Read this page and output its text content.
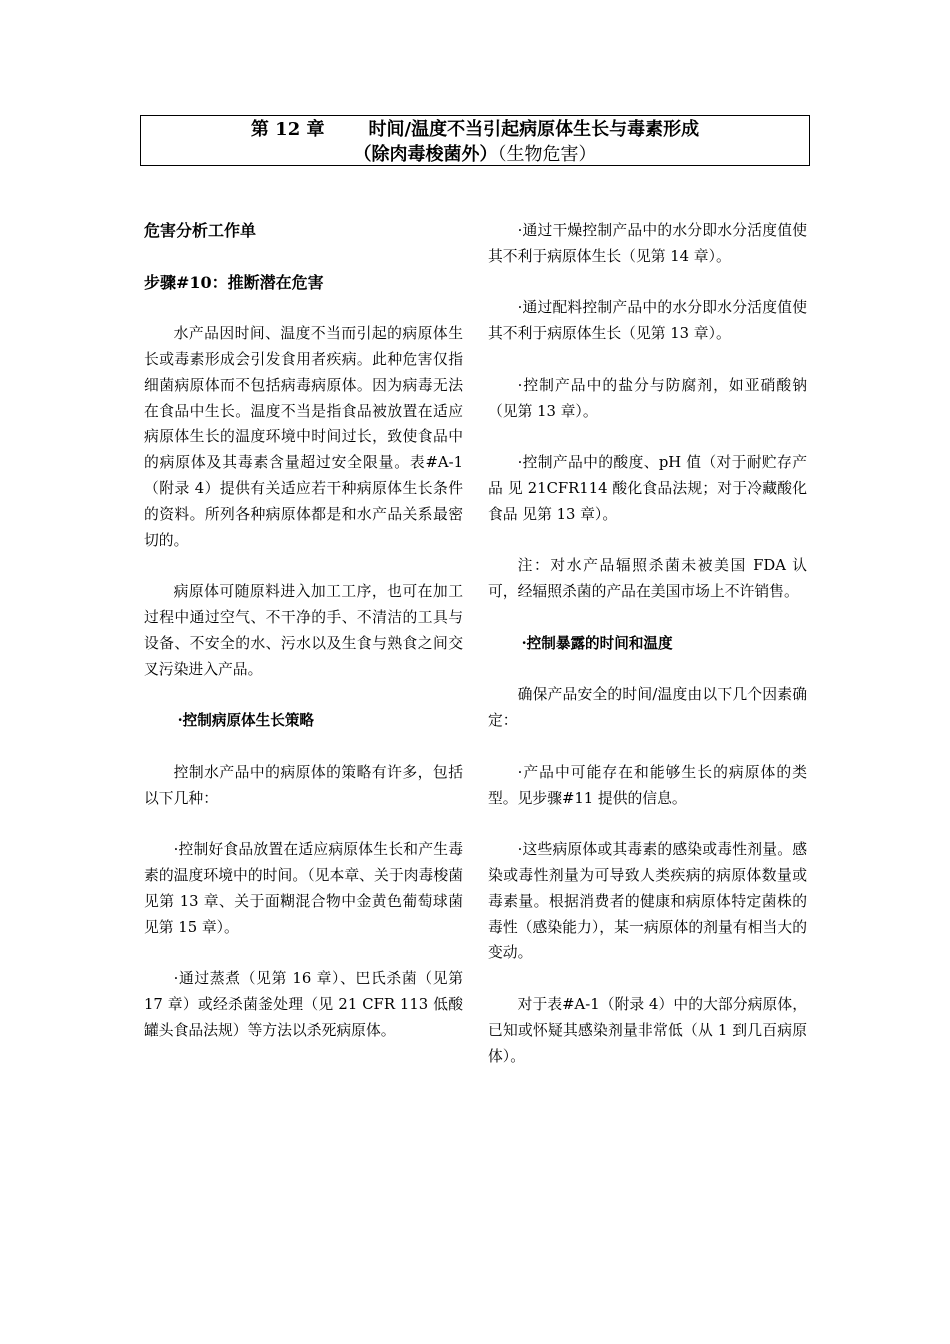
第 12 章 时间/温度不当引起病原体生长与毒素形成
（除肉毒梭菌外）（生物危害）

危害分析工作单

步骤#10：推断潜在危害

水产品因时间、温度不当而引起的病原体生长或毒素形成会引发食用者疾病。此种危害仅指细菌病原体而不包括病毒病原体。因为病毒无法在食品中生长。温度不当是指食品被放置在适应病原体生长的温度环境中时间过长，致使食品中的病原体及其毒素含量超过安全限量。表#A-1（附录 4）提供有关适应若干种病原体生长条件的资料。所列各种病原体都是和水产品关系最密切的。

病原体可随原料进入加工工序，也可在加工过程中通过空气、不干净的手、不清洁的工具与设备、不安全的水、污水以及生食与熟食之间交叉污染进入产品。

·控制病原体生长策略

控制水产品中的病原体的策略有许多，包括以下几种：

·控制好食品放置在适应病原体生长和产生毒素的温度环境中的时间。（见本章、关于肉毒梭菌见第 13 章、关于面糊混合物中金黄色葡萄球菌见第 15 章）。

·通过蒸煮（见第 16 章）、巴氏杀菌（见第 17 章）或经杀菌釜处理（见 21 CFR 113 低酸罐头食品法规）等方法以杀死病原体。

·通过干燥控制产品中的水分即水分活度值使其不利于病原体生长（见第 14 章）。

·通过配料控制产品中的水分即水分活度值使其不利于病原体生长（见第 13 章）。

·控制产品中的盐分与防腐剂，如亚硝酸钠（见第 13 章）。

·控制产品中的酸度、pH 值（对于耐贮存产品 见 21CFR114 酸化食品法规；对于冷藏酸化食品 见第 13 章）。

注：对水产品辐照杀菌未被美国 FDA 认可，经辐照杀菌的产品在美国市场上不许销售。

·控制暴露的时间和温度

确保产品安全的时间/温度由以下几个因素确定：

·产品中可能存在和能够生长的病原体的类型。见步骤#11 提供的信息。

·这些病原体或其毒素的感染或毒性剂量。感染或毒性剂量为可导致人类疾病的病原体数量或毒素量。根据消费者的健康和病原体特定菌株的毒性（感染能力），某一病原体的剂量有相当大的变动。

对于表#A-1（附录 4）中的大部分病原体，已知或怀疑其感染剂量非常低（从 1 到几百病原体）。
